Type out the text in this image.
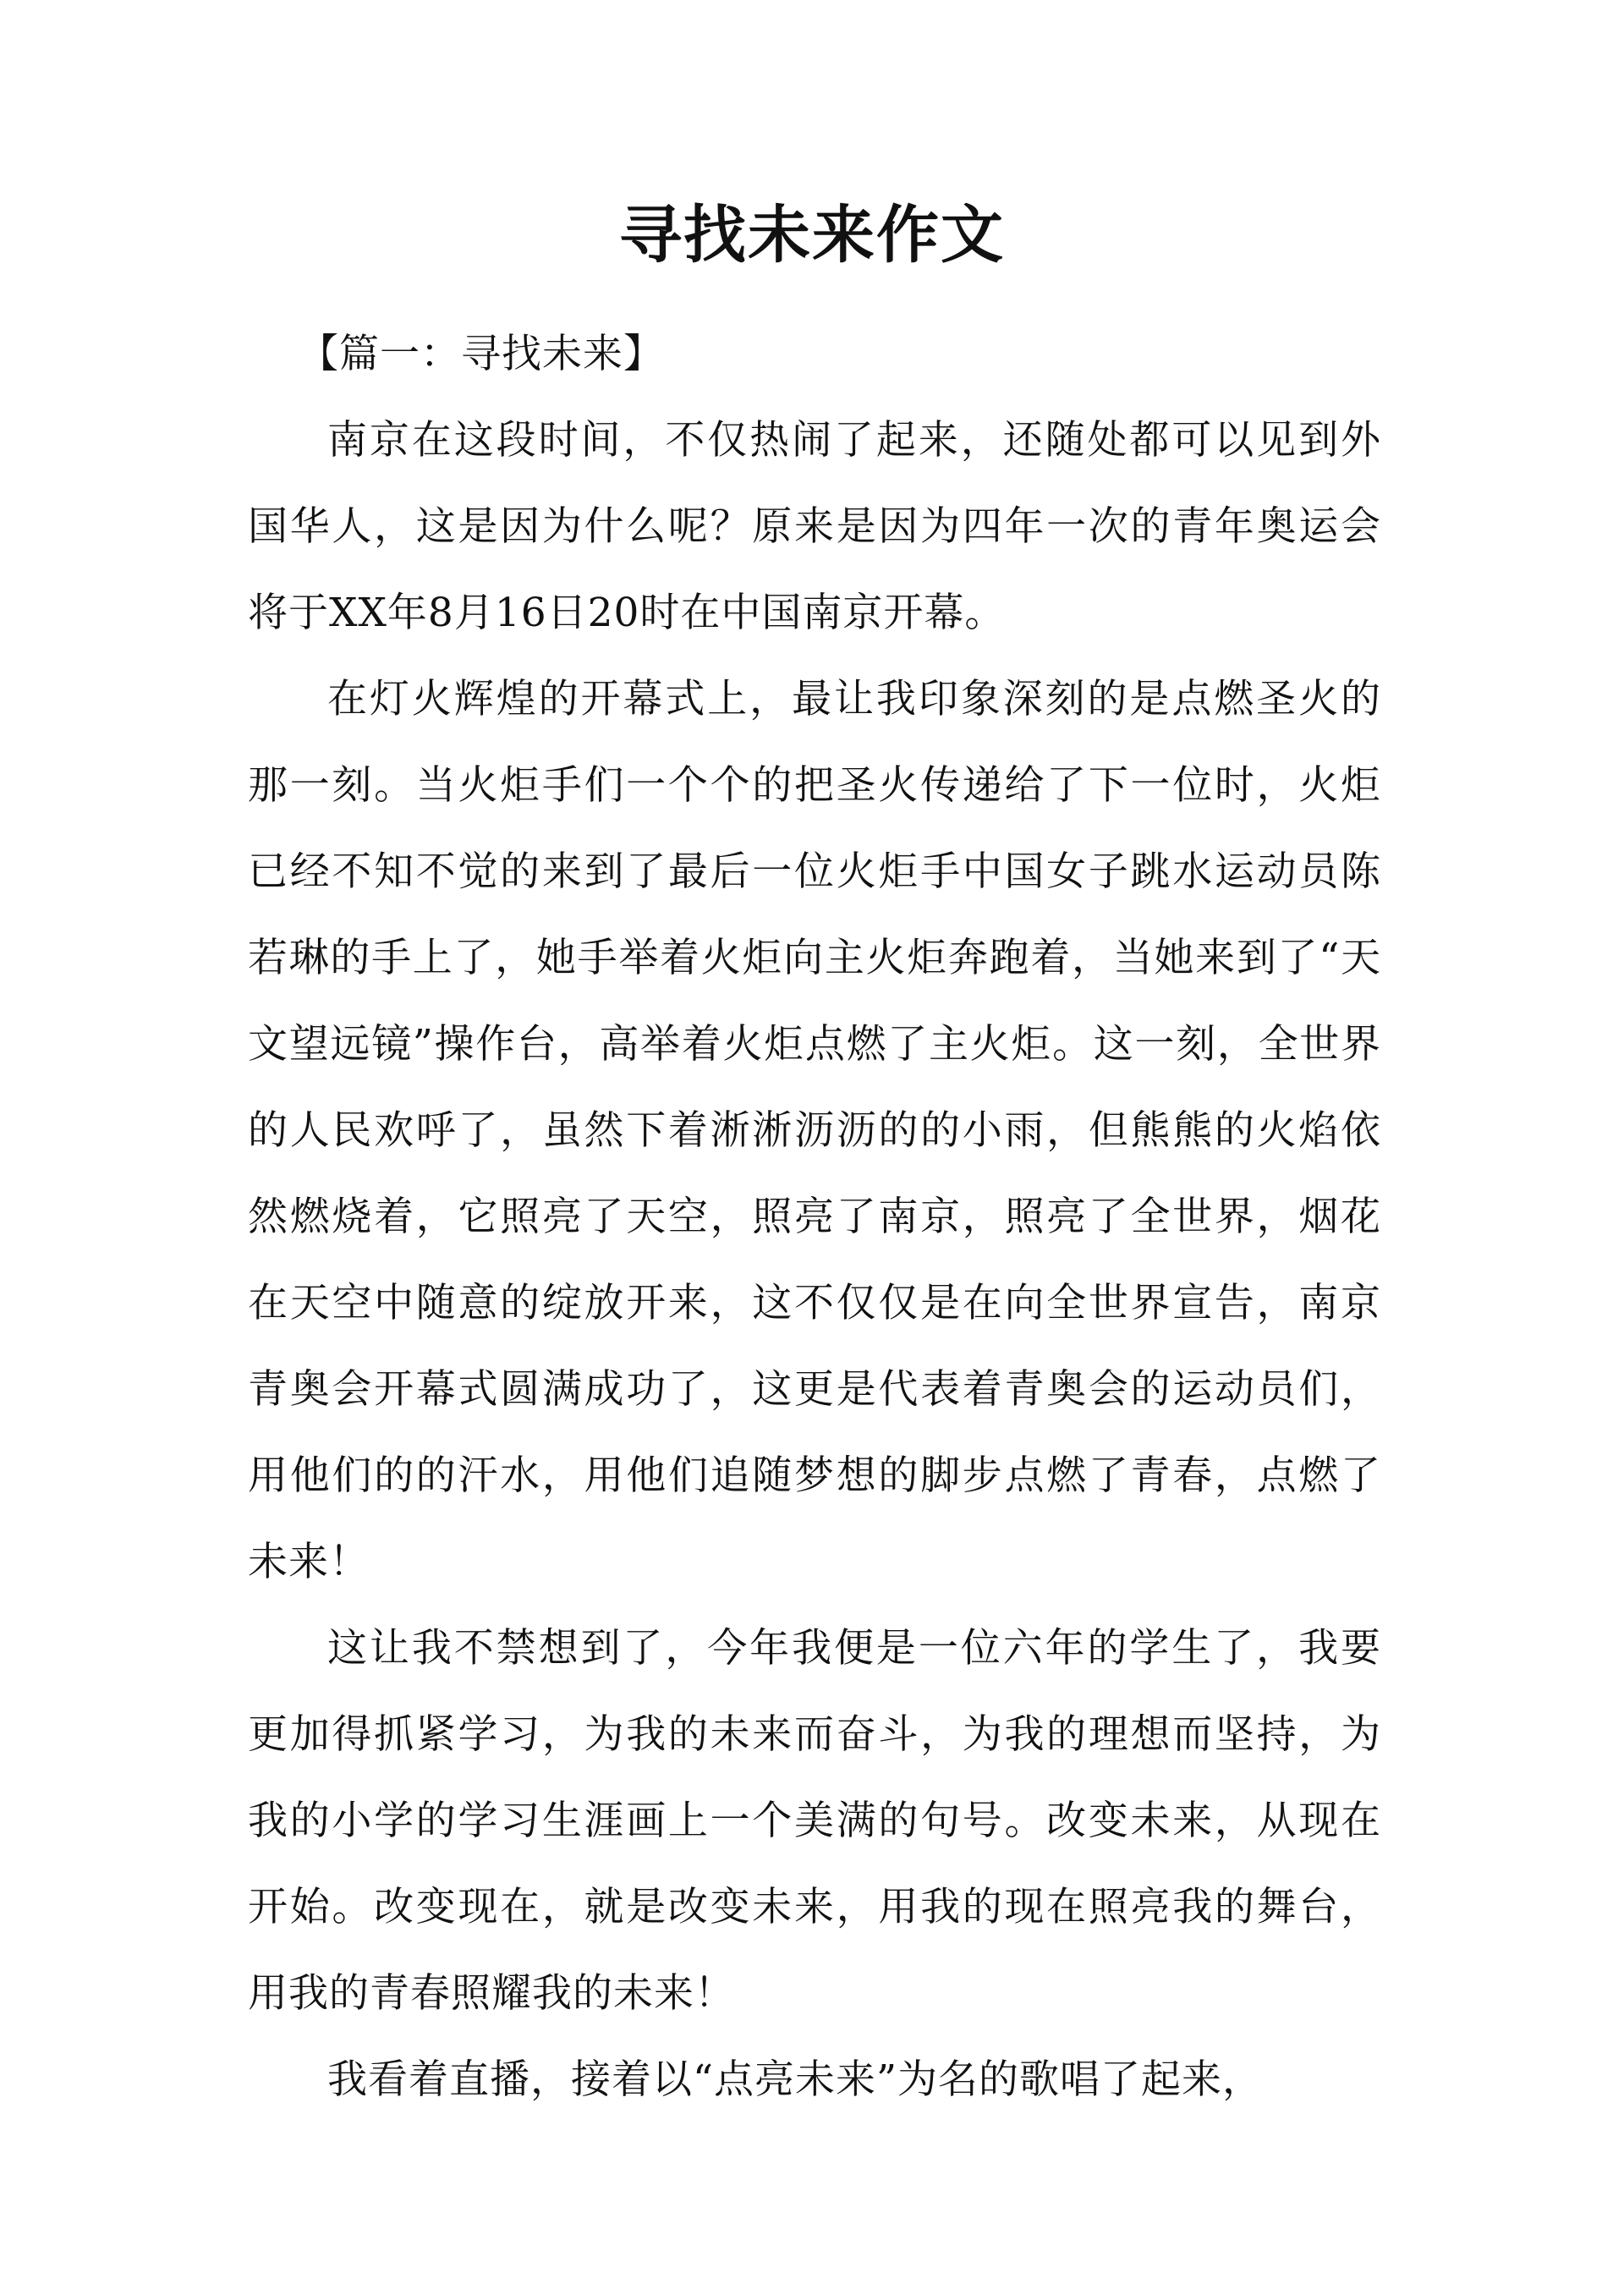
寻找未来作文

【篇一：寻找未来】

南京在这段时间，不仅热闹了起来，还随处都可以见到外国华人，这是因为什么呢？原来是因为四年一次的青年奥运会将于XX年8月16日20时在中国南京开幕。

在灯火辉煌的开幕式上，最让我印象深刻的是点燃圣火的那一刻。当火炬手们一个个的把圣火传递给了下一位时，火炬已经不知不觉的来到了最后一位火炬手中国女子跳水运动员陈若琳的手上了，她手举着火炬向主火炬奔跑着，当她来到了“天文望远镜”操作台，高举着火炬点燃了主火炬。这一刻，全世界的人民欢呼了，虽然下着淅淅沥沥的的小雨，但熊熊的火焰依然燃烧着，它照亮了天空，照亮了南京，照亮了全世界，烟花在天空中随意的绽放开来，这不仅仅是在向全世界宣告，南京青奥会开幕式圆满成功了，这更是代表着青奥会的运动员们，用他们的的汗水，用他们追随梦想的脚步点燃了青春，点燃了未来！

这让我不禁想到了，今年我便是一位六年的学生了，我要更加得抓紧学习，为我的未来而奋斗，为我的理想而坚持，为我的小学的学习生涯画上一个美满的句号。改变未来，从现在开始。改变现在，就是改变未来，用我的现在照亮我的舞台，用我的青春照耀我的未来！

我看着直播，接着以“点亮未来”为名的歌唱了起来，
